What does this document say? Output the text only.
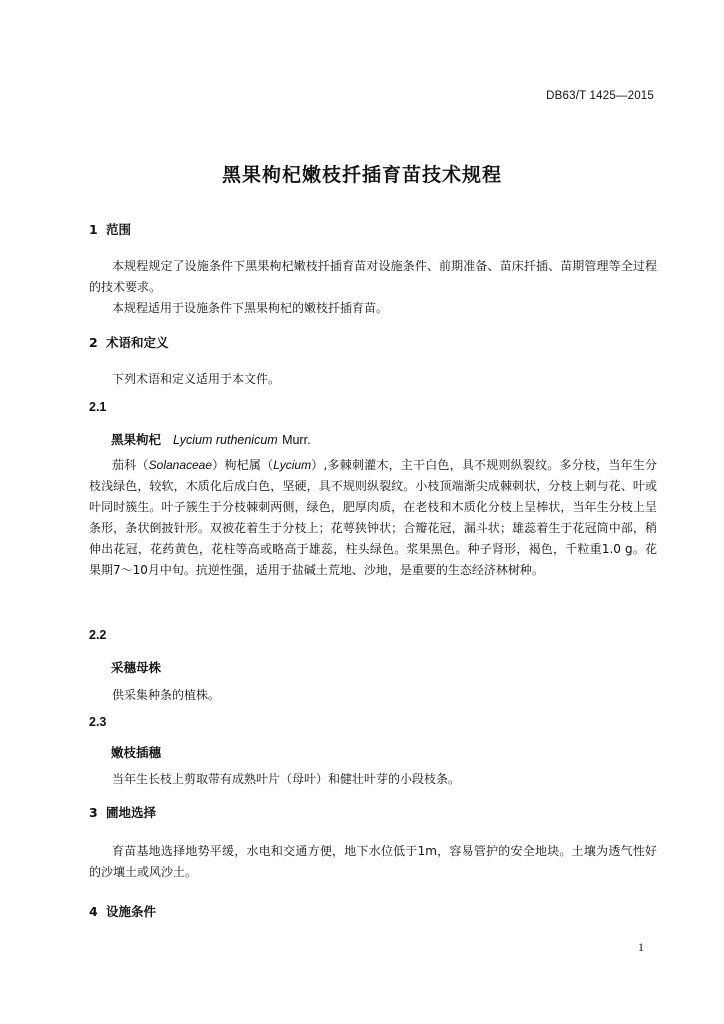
DB63/T 1425—2015
黑果枸杞嫩枝扦插育苗技术规程
1 范围
本规程规定了设施条件下黑果枸杞嫩枝扦插育苗对设施条件、前期准备、苗床扦插、苗期管理等全过程的技术要求。
本规程适用于设施条件下黑果枸杞的嫩枝扦插育苗。
2 术语和定义
下列术语和定义适用于本文件。
2.1
黑果枸杞 Lycium ruthenicum Murr.
茄科（Solanaceae）枸杞属（Lycium）,多棘刺灌木，主干白色，具不规则纵裂纹。多分枝，当年生分枝浅绿色，较软，木质化后成白色，坚硬，具不规则纵裂纹。小枝顶端渐尖成棘刺状，分枝上刺与花、叶或叶同时簇生。叶子簇生于分枝棘刺两侧，绿色，肥厚肉质，在老枝和木质化分枝上呈棒状，当年生分枝上呈条形，条状倒披针形。双被花着生于分枝上；花萼狭钟状；合瓣花冠，漏斗状；雄蕊着生于花冠筒中部，稍伸出花冠，花药黄色，花柱等高或略高于雄蕊，柱头绿色。浆果黑色。种子肾形，褐色，千粒重1.0 g。花果期7～10月中旬。抗逆性强，适用于盐碱土荒地、沙地，是重要的生态经济林树种。
2.2
采穗母株
供采集种条的植株。
2.3
嫩枝插穗
当年生长枝上剪取带有成熟叶片（母叶）和健壮叶芽的小段枝条。
3 圃地选择
育苗基地选择地势平缓，水电和交通方便，地下水位低于1m，容易管护的安全地块。土壤为透气性好的沙壤土或风沙土。
4 设施条件
1
